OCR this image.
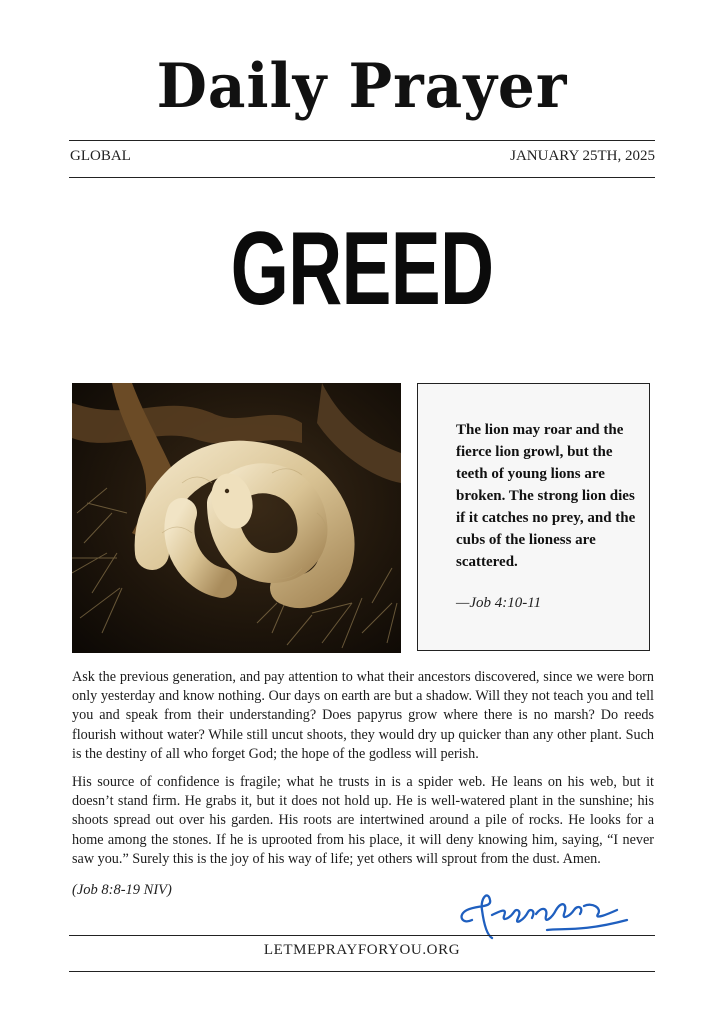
Daily Prayer
GLOBAL	JANUARY 25TH, 2025
GREED
The lion may roar and the fierce lion growl, but the teeth of young lions are broken. The strong lion dies if it catches no prey, and the cubs of the lioness are scattered.
—Job 4:10-11

Ask the previous generation, and pay attention to what their ancestors discovered, since we were born only yesterday and know nothing. Our days on earth are but a shadow. Will they not teach you and tell you and speak from their understanding? Does papyrus grow where there is no marsh? Do reeds flourish without water? While still uncut shoots, they would dry up quicker than any other plant. Such is the destiny of all who forget God; the hope of the godless will perish.

His source of confidence is fragile; what he trusts in is a spider web. He leans on his web, but it doesn’t stand firm. He grabs it, but it does not hold up. He is well-watered plant in the sunshine; his shoots spread out over his garden. His roots are intertwined around a pile of rocks. He looks for a home among the stones. If he is uprooted from his place, it will deny knowing him, saying, “I never saw you.” Surely this is the joy of his way of life; yet others will sprout from the dust. Amen.

(Job 8:8-19 NIV)
LETMEPRAYFORYOU.ORG
